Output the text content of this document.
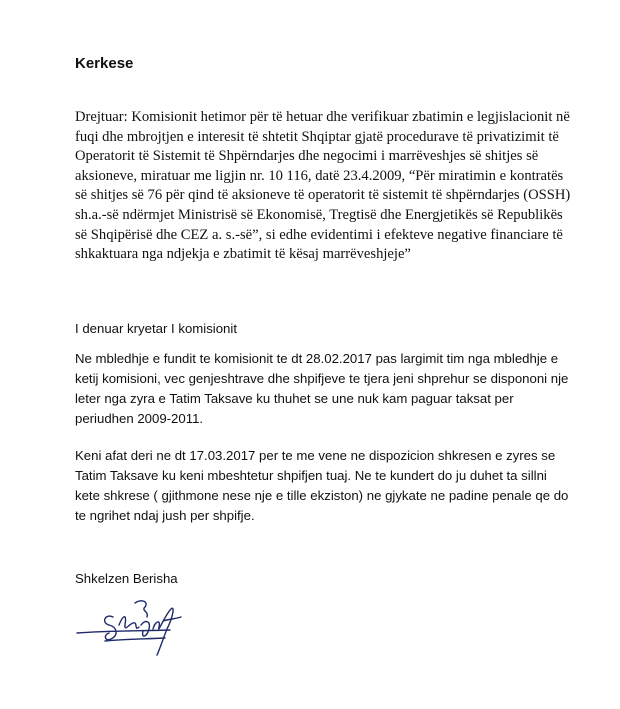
Kerkese

Drejtuar: Komisionit hetimor për të hetuar dhe verifikuar zbatimin e legjislacionit në fuqi dhe mbrojtjen e interesit të shtetit Shqiptar gjatë procedurave të privatizimit të Operatorit të Sistemit të Shpërndarjes dhe negocimi i marrëveshjes së shitjes së aksioneve, miratuar me ligjin nr. 10 116, datë 23.4.2009, “Për miratimin e kontratës së shitjes së 76 për qind të aksioneve të operatorit të sistemit të shpërndarjes (OSSH) sh.a.-së ndërmjet Ministrisë së Ekonomisë, Tregtisë dhe Energjetikës së Republikës së Shqipërisë dhe CEZ a. s.-së”, si edhe evidentimi i efekteve negative financiare të shkaktuara nga ndjekja e zbatimit të kësaj marrëveshjeje”

I denuar kryetar I komisionit

Ne mbledhje e fundit te komisionit te dt 28.02.2017 pas largimit tim nga mbledhje e ketij komisioni, vec genjeshtrave dhe shpifjeve te tjera jeni shprehur se dispononi nje leter nga zyra e Tatim Taksave ku thuhet se une nuk kam paguar taksat per periudhen 2009-2011.

Keni afat deri ne dt 17.03.2017 per te me vene ne dispozicion shkresen e zyres se Tatim Taksave ku keni mbeshtetur shpifjen tuaj. Ne te kundert do ju duhet ta sillni kete shkrese ( gjithmone nese nje e tille ekziston) ne gjykate ne padine penale qe do te ngrihet ndaj jush per shpifje.

Shkelzen Berisha
